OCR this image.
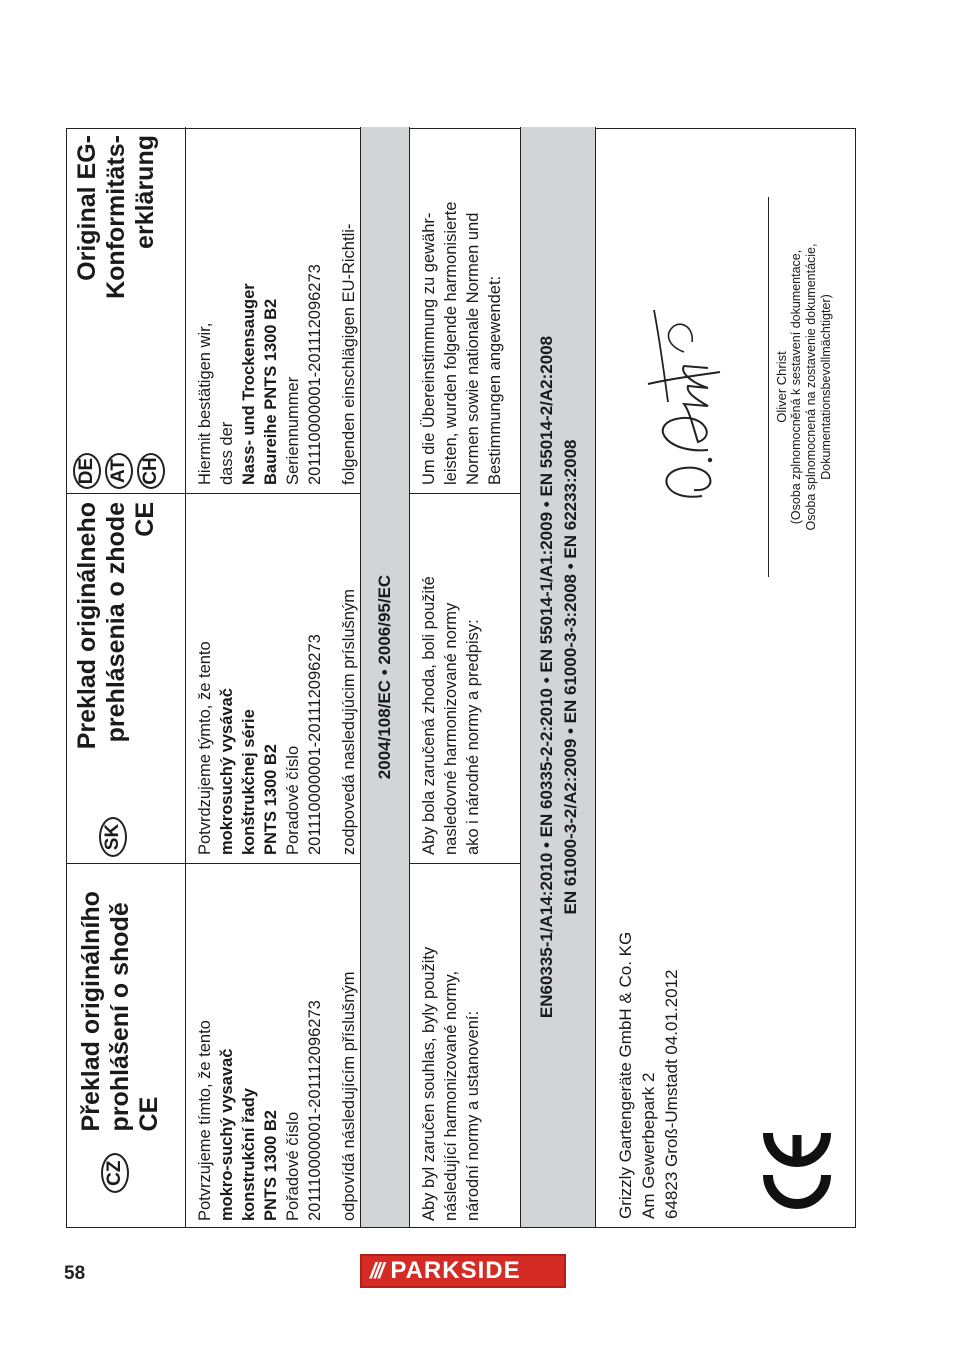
CZ
Překlad originálního prohlášení o shodě CE
SK
Preklad originálneho prehlásenia o zhode CE
DE AT CH
Original EG- Konformitäts- erklärung
Potvrzujeme tímto, že tento mokro-suchý vysavač konstrukční řady PNTS 1300 B2 Pořadové číslo 201110000001-201112096273 odpovídá následujícím příslušným
Potvrdzujeme týmto, že tento mokrosuchý vysávač konštrukčnej série PNTS 1300 B2 Poradové číslo 201110000001-201112096273 zodpovedá nasledujúcim príslušným
Hiermit bestätigen wir, dass der Nass- und Trockensauger Baureihe PNTS 1300 B2 Seriennummer 201110000001-201112096273 folgenden einschlägigen EU-Richtli-
2004/108/EC • 2006/95/EC
Aby byl zaručen souhlas, byly použity následující harmonizované normy, národní normy a ustanovení:
Aby bola zaručená zhoda, boli použité nasledovné harmonizované normy ako i národné normy a predpisy:
Um die Übereinstimmung zu gewähr- leisten, wurden folgende harmonisierte Normen sowie nationale Normen und Bestimmungen angewendet: EN60335-1/A14:2010 • EN 60335-2-2:2010 • EN 55014-1/A1:2009 • EN 55014-2/A2:2008 EN 61000-3-2/A2:2009 • EN 61000-3-3:2008 • EN 62233:2008
Grizzly Gartengeräte GmbH & Co. KG Am Gewerbepark 2 64823 Groß-Umstadt 04.01.2012
Oliver Christ (Osoba zplnomocněná k sestavení dokumentace, Osoba splnomocnená na zostavenie dokumentácie, Dokumentationsbevollmächtigter)
58	/// PARKSIDE
